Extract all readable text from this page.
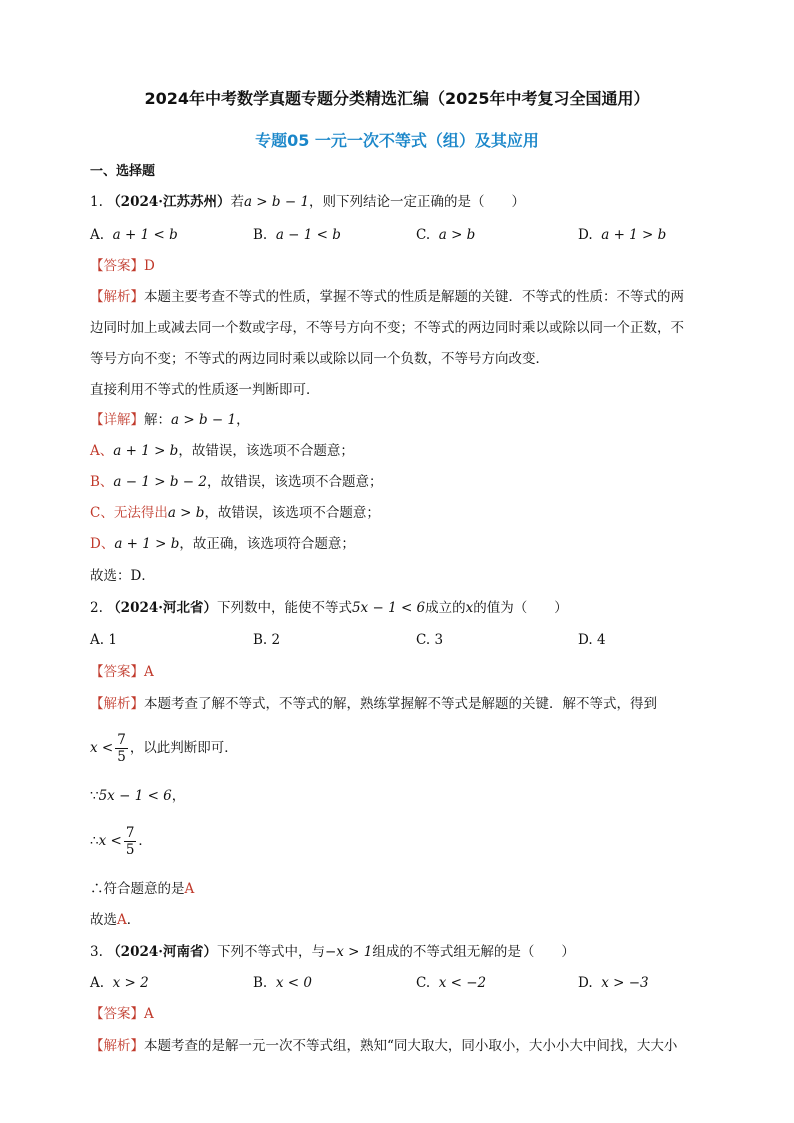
2024年中考数学真题专题分类精选汇编（2025年中考复习全国通用）
专题05 一元一次不等式（组）及其应用
一、选择题
1. （2024·江苏苏州）若a > b − 1，则下列结论一定正确的是（　　）
A. a + 1 < b	B. a − 1 < b	C. a > b	D. a + 1 > b
【答案】D
【解析】本题主要考查不等式的性质，掌握不等式的性质是解题的关键．不等式的性质：不等式的两
边同时加上或减去同一个数或字母，不等号方向不变；不等式的两边同时乘以或除以同一个正数，不
等号方向不变；不等式的两边同时乘以或除以同一个负数，不等号方向改变．
直接利用不等式的性质逐一判断即可．
【详解】解：a > b − 1，
A、a + 1 > b，故错误，该选项不合题意；
B、a − 1 > b − 2，故错误，该选项不合题意；
C、无法得出a > b，故错误，该选项不合题意；
D、a + 1 > b，故正确，该选项符合题意；
故选：D．
2. （2024·河北省）下列数中，能使不等式5x − 1 < 6成立的x的值为（　　）
A. 1	B. 2	C. 3	D. 4
【答案】A
【解析】本题考查了解不等式，不等式的解，熟练掌握解不等式是解题的关键．解不等式，得到
$x < \frac{7}{5}$ ，以此判断即可．
∵5x − 1 < 6，
∴x < $\frac{7}{5}$ ．
∴符合题意的是A
故选A．
3. （2024·河南省）下列不等式中，与−x > 1组成的不等式组无解的是（　　）
A. x > 2	B. x < 0	C. x < −2	D. x > −3
【答案】A
【解析】本题考查的是解一元一次不等式组，熟知“同大取大，同小取小，大小小大中间找，大大小
